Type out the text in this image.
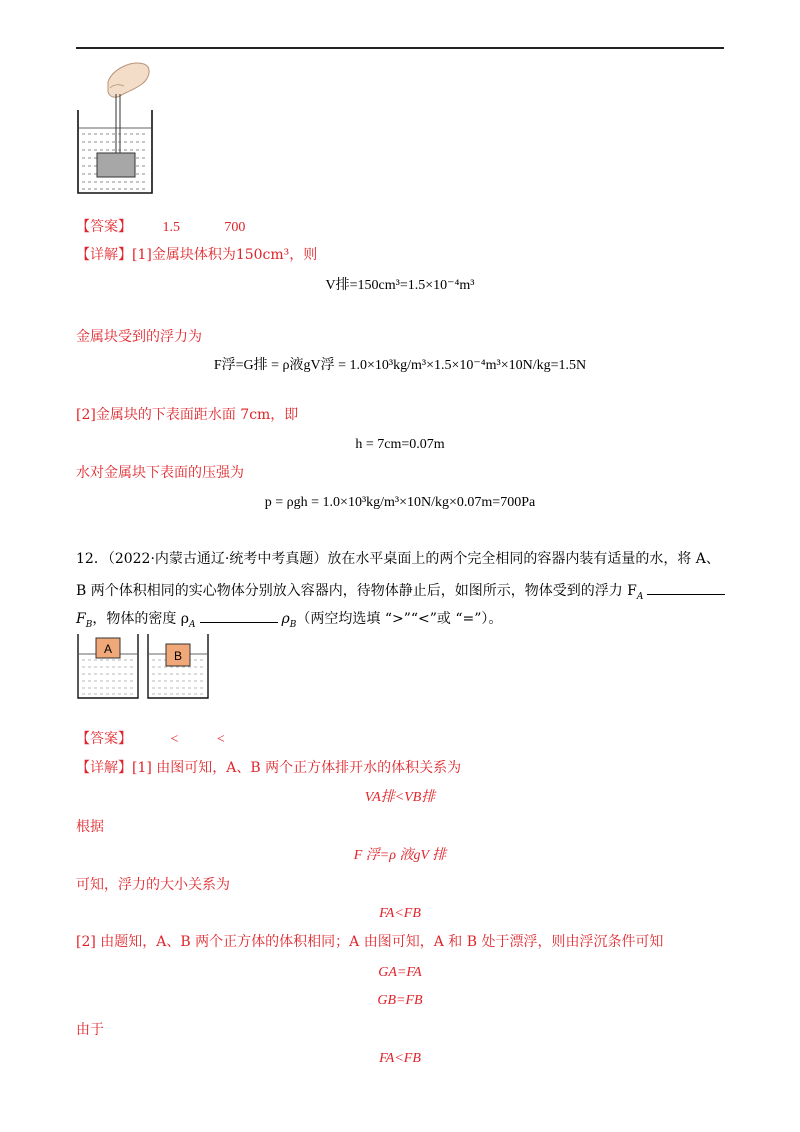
【答案】 1.5	700
【详解】[1]金属块体积为150cm³，则
V排=150cm³=1.5×10⁻⁴m³
金属块受到的浮力为
F浮=G排 = ρ液gV浮 = 1.0×10³kg/m³×1.5×10⁻⁴m³×10N/kg=1.5N
[2]金属块的下表面距水面 7cm，即
h = 7cm=0.07m
水对金属块下表面的压强为
p = ρgh = 1.0×10³kg/m³×10N/kg×0.07m=700Pa
12．（2022·内蒙古通辽·统考中考真题）放在水平桌面上的两个完全相同的容器内装有适量的水，将 A、
B 两个体积相同的实心物体分别放入容器内，待物体静止后，如图所示，物体受到的浮力 $F_A$
$F_B$，物体的密度 $\rho_A$	$\rho_B$（两空均选填 “>”“<”或 “=”）。
A	B
【答案】	<	<
【详解】[1] 由图可知，A、B 两个正方体排开水的体积关系为
VA排<VB排
根据
F 浮=ρ 液gV 排
可知，浮力的大小关系为
FA<FB
[2] 由题知，A、B 两个正方体的体积相同；A 由图可知，A 和 B 处于漂浮，则由浮沉条件可知
GA=FA
GB=FB
由于
FA<FB
